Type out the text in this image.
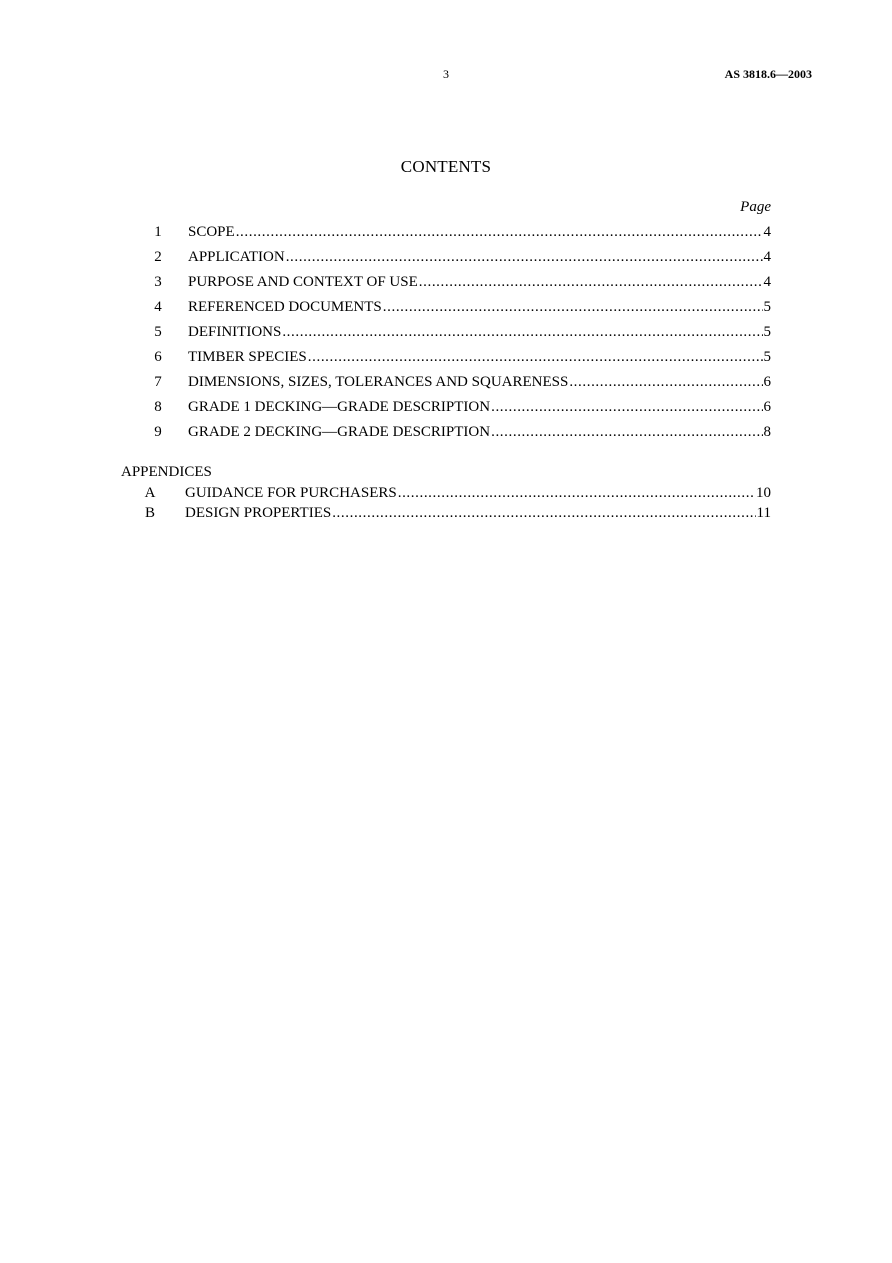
3	AS 3818.6—2003
CONTENTS
Page
1 SCOPE .....	4
2 APPLICATION .....	4
3 PURPOSE AND CONTEXT OF USE .....	4
4 REFERENCED DOCUMENTS .....	5
5 DEFINITIONS .....	5
6 TIMBER SPECIES .....	5
7 DIMENSIONS, SIZES, TOLERANCES AND SQUARENESS .....	6
8 GRADE 1 DECKING—GRADE DESCRIPTION .....	6
9 GRADE 2 DECKING—GRADE DESCRIPTION .....	8
APPENDICES
A GUIDANCE FOR PURCHASERS .....	10
B DESIGN PROPERTIES .....	11
